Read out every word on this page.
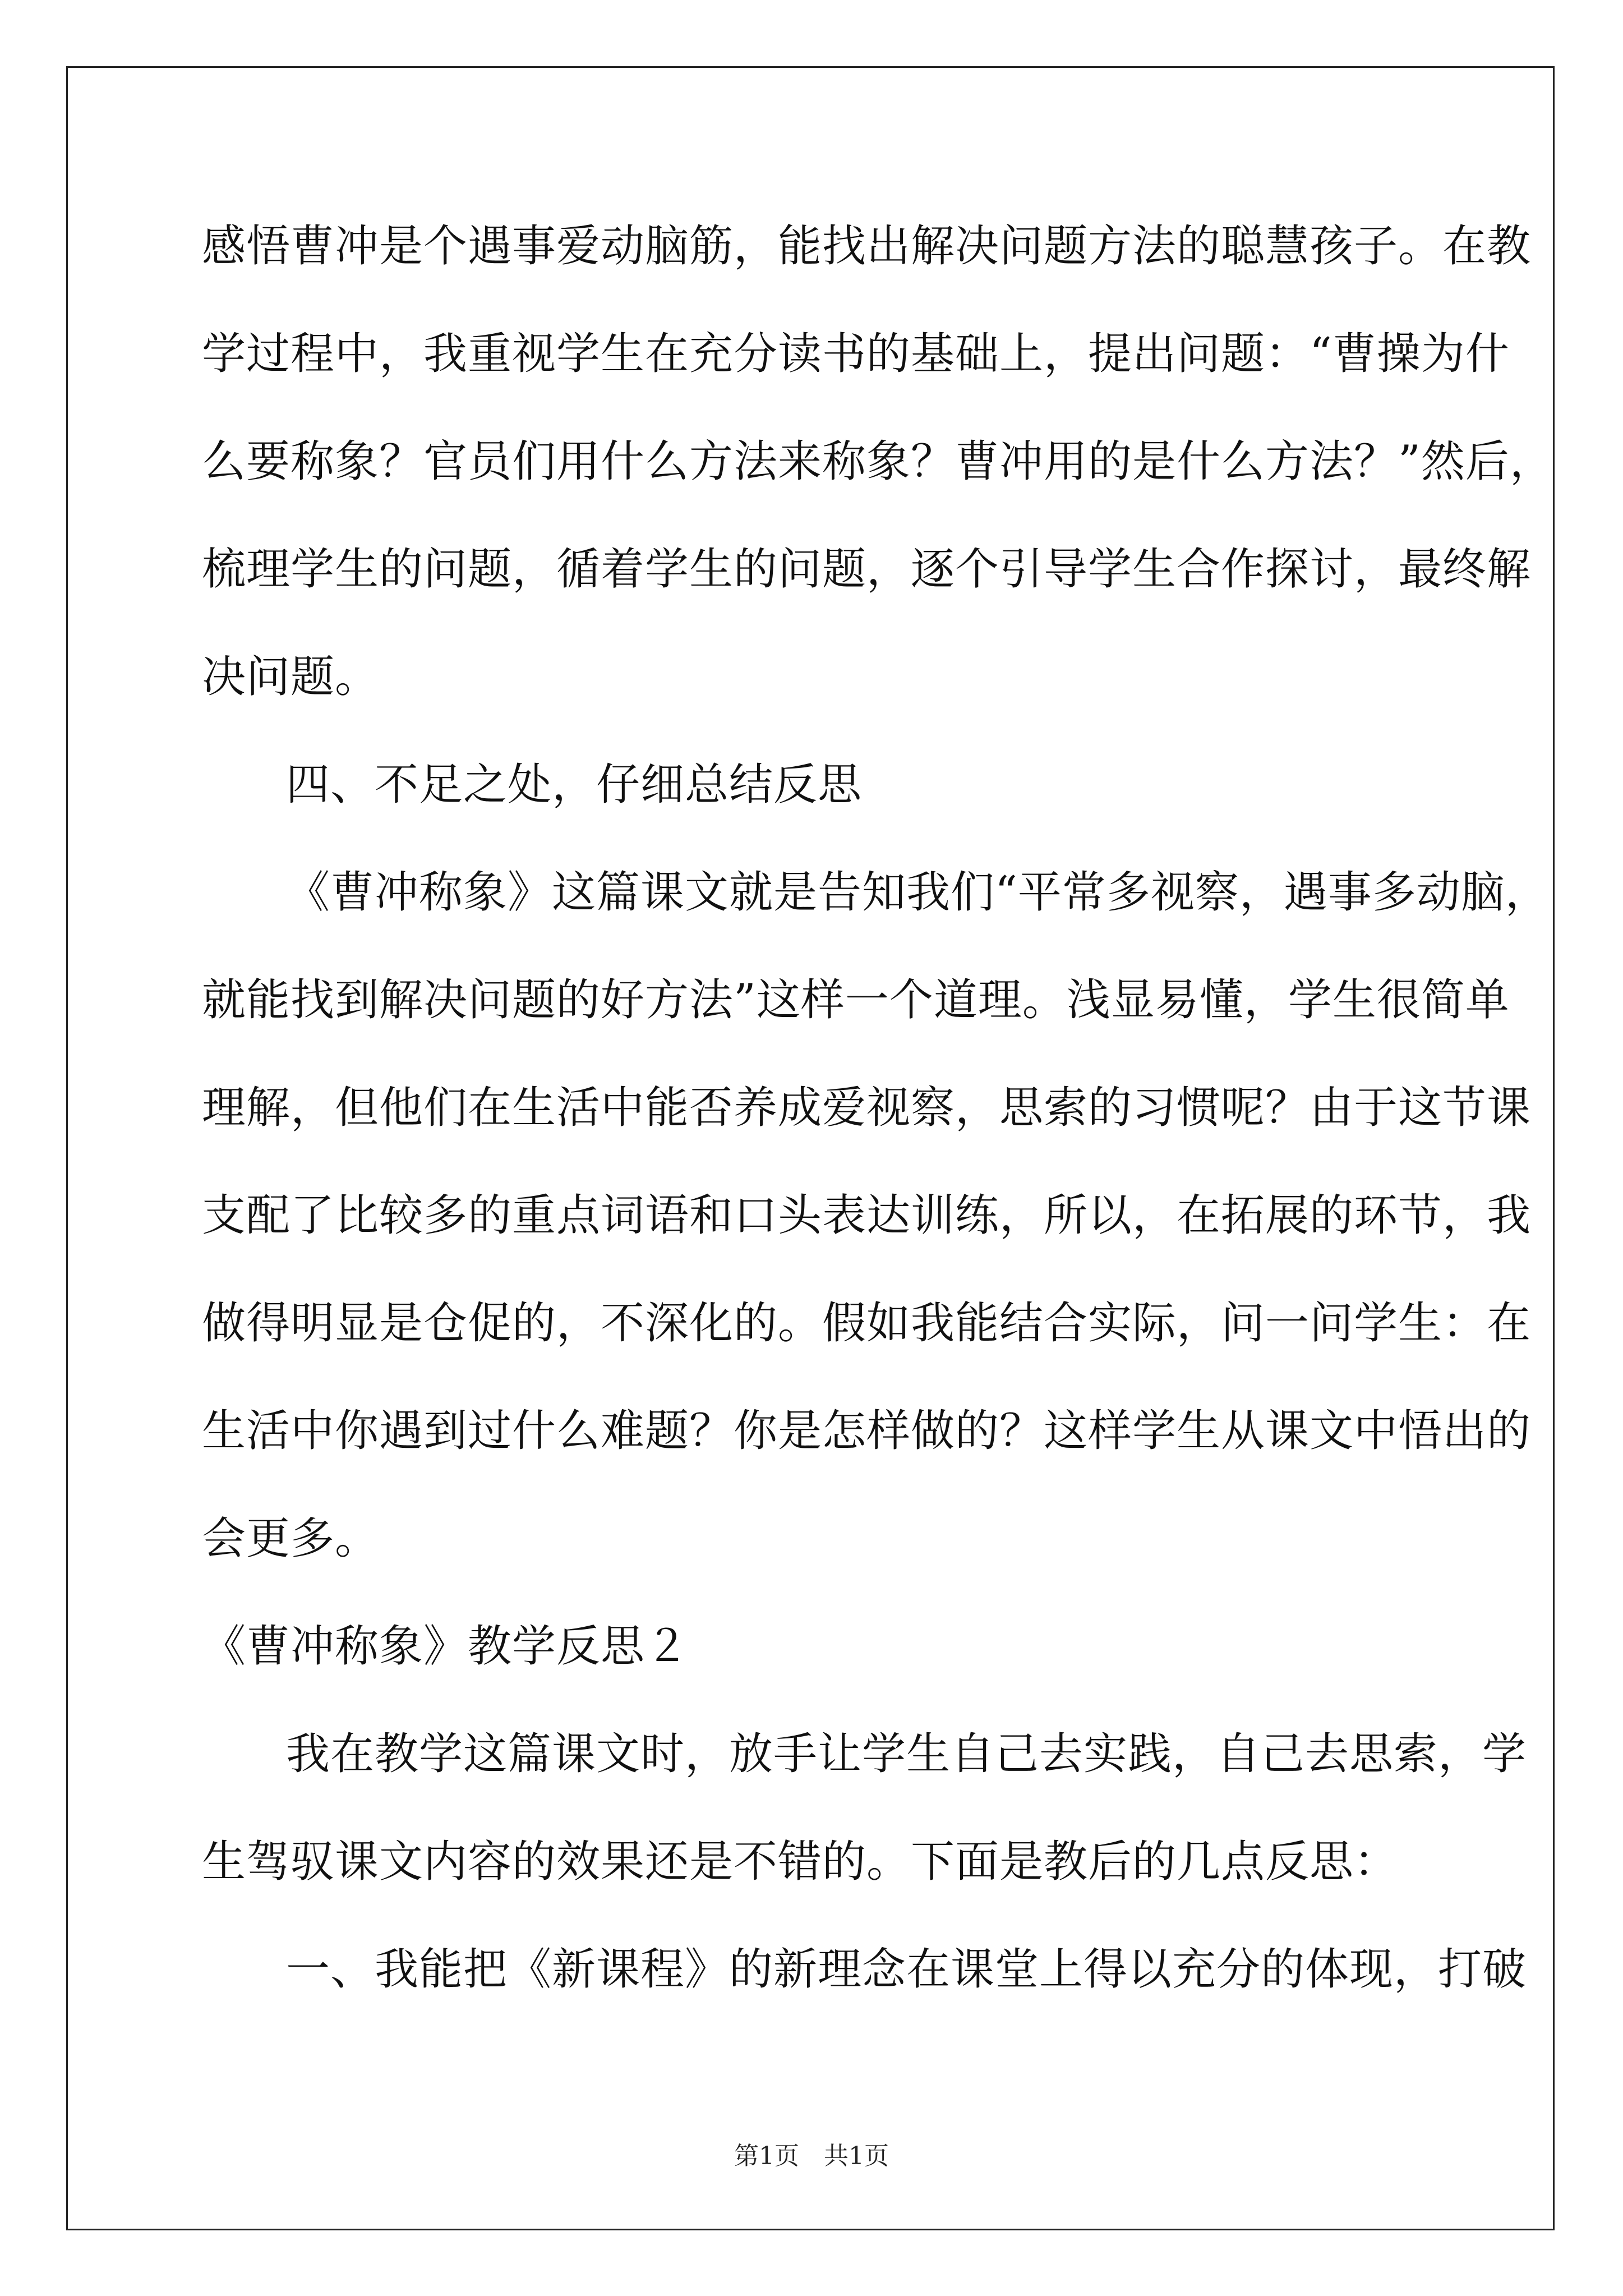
感悟曹冲是个遇事爱动脑筋，能找出解决问题方法的聪慧孩子。在教
学过程中，我重视学生在充分读书的基础上，提出问题：“曹操为什
么要称象？官员们用什么方法来称象？曹冲用的是什么方法？”然后，
梳理学生的问题，循着学生的问题，逐个引导学生合作探讨，最终解
决问题。
四、不足之处，仔细总结反思
《曹冲称象》这篇课文就是告知我们“平常多视察，遇事多动脑，
就能找到解决问题的好方法”这样一个道理。浅显易懂，学生很简单
理解，但他们在生活中能否养成爱视察，思索的习惯呢？由于这节课
支配了比较多的重点词语和口头表达训练，所以，在拓展的环节，我
做得明显是仓促的，不深化的。假如我能结合实际，问一问学生：在
生活中你遇到过什么难题？你是怎样做的？这样学生从课文中悟出的
会更多。
《曹冲称象》教学反思２
我在教学这篇课文时，放手让学生自己去实践，自己去思索，学
生驾驭课文内容的效果还是不错的。下面是教后的几点反思：
一、我能把《新课程》的新理念在课堂上得以充分的体现，打破
第1页　共1页
